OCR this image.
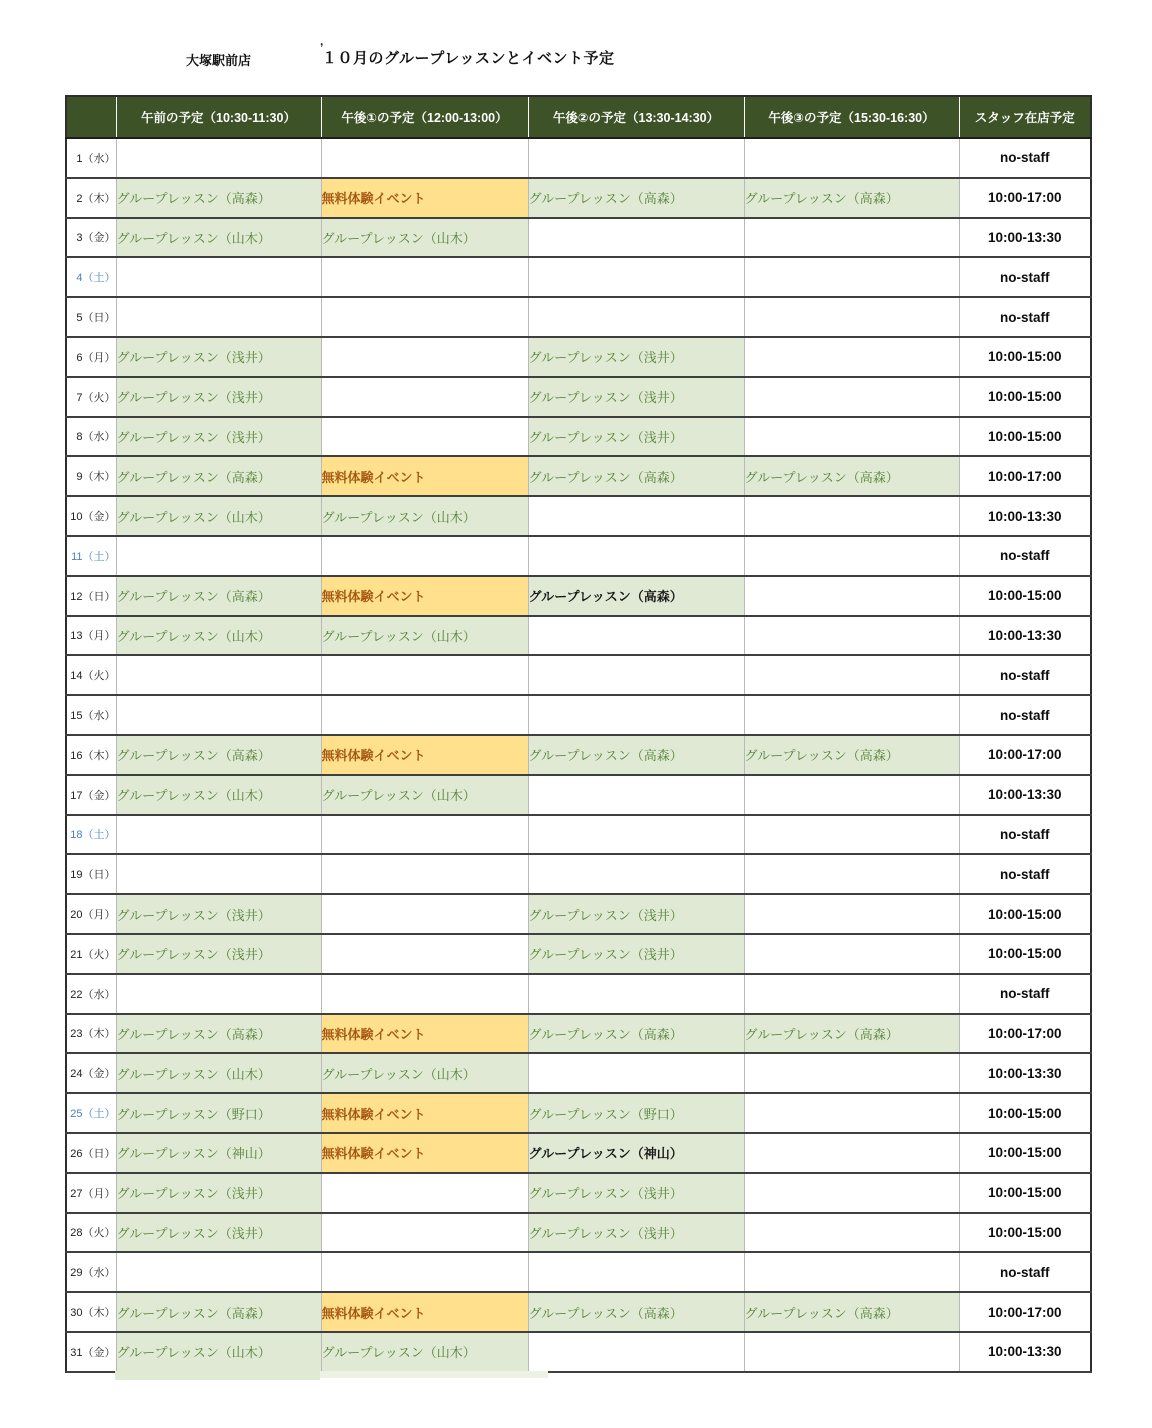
,
大塚駅前店	１０月のグループレッスンとイベント予定
	午前の予定（10:30-11:30）	午後①の予定（12:00-13:00）	午後②の予定（13:30-14:30）	午後③の予定（15:30-16:30）	スタッフ在店予定
1（水）					no-staff
2（木）	グループレッスン（高森）	無料体験イベント	グループレッスン（高森）	グループレッスン（高森）	10:00-17:00
3（金）	グループレッスン（山木）	グループレッスン（山木）			10:00-13:30
4（土）					no-staff
5（日）					no-staff
6（月）	グループレッスン（浅井）		グループレッスン（浅井）		10:00-15:00
7（火）	グループレッスン（浅井）		グループレッスン（浅井）		10:00-15:00
8（水）	グループレッスン（浅井）		グループレッスン（浅井）		10:00-15:00
9（木）	グループレッスン（高森）	無料体験イベント	グループレッスン（高森）	グループレッスン（高森）	10:00-17:00
10（金）	グループレッスン（山木）	グループレッスン（山木）			10:00-13:30
11（土）					no-staff
12（日）	グループレッスン（高森）	無料体験イベント	グループレッスン（高森）		10:00-15:00
13（月）	グループレッスン（山木）	グループレッスン（山木）			10:00-13:30
14（火）					no-staff
15（水）					no-staff
16（木）	グループレッスン（高森）	無料体験イベント	グループレッスン（高森）	グループレッスン（高森）	10:00-17:00
17（金）	グループレッスン（山木）	グループレッスン（山木）			10:00-13:30
18（土）					no-staff
19（日）					no-staff
20（月）	グループレッスン（浅井）		グループレッスン（浅井）		10:00-15:00
21（火）	グループレッスン（浅井）		グループレッスン（浅井）		10:00-15:00
22（水）					no-staff
23（木）	グループレッスン（高森）	無料体験イベント	グループレッスン（高森）	グループレッスン（高森）	10:00-17:00
24（金）	グループレッスン（山木）	グループレッスン（山木）			10:00-13:30
25（土）	グループレッスン（野口）	無料体験イベント	グループレッスン（野口）		10:00-15:00
26（日）	グループレッスン（神山）	無料体験イベント	グループレッスン（神山）		10:00-15:00
27（月）	グループレッスン（浅井）		グループレッスン（浅井）		10:00-15:00
28（火）	グループレッスン（浅井）		グループレッスン（浅井）		10:00-15:00
29（水）					no-staff
30（木）	グループレッスン（高森）	無料体験イベント	グループレッスン（高森）	グループレッスン（高森）	10:00-17:00
31（金）	グループレッスン（山木）	グループレッスン（山木）			10:00-13:30
